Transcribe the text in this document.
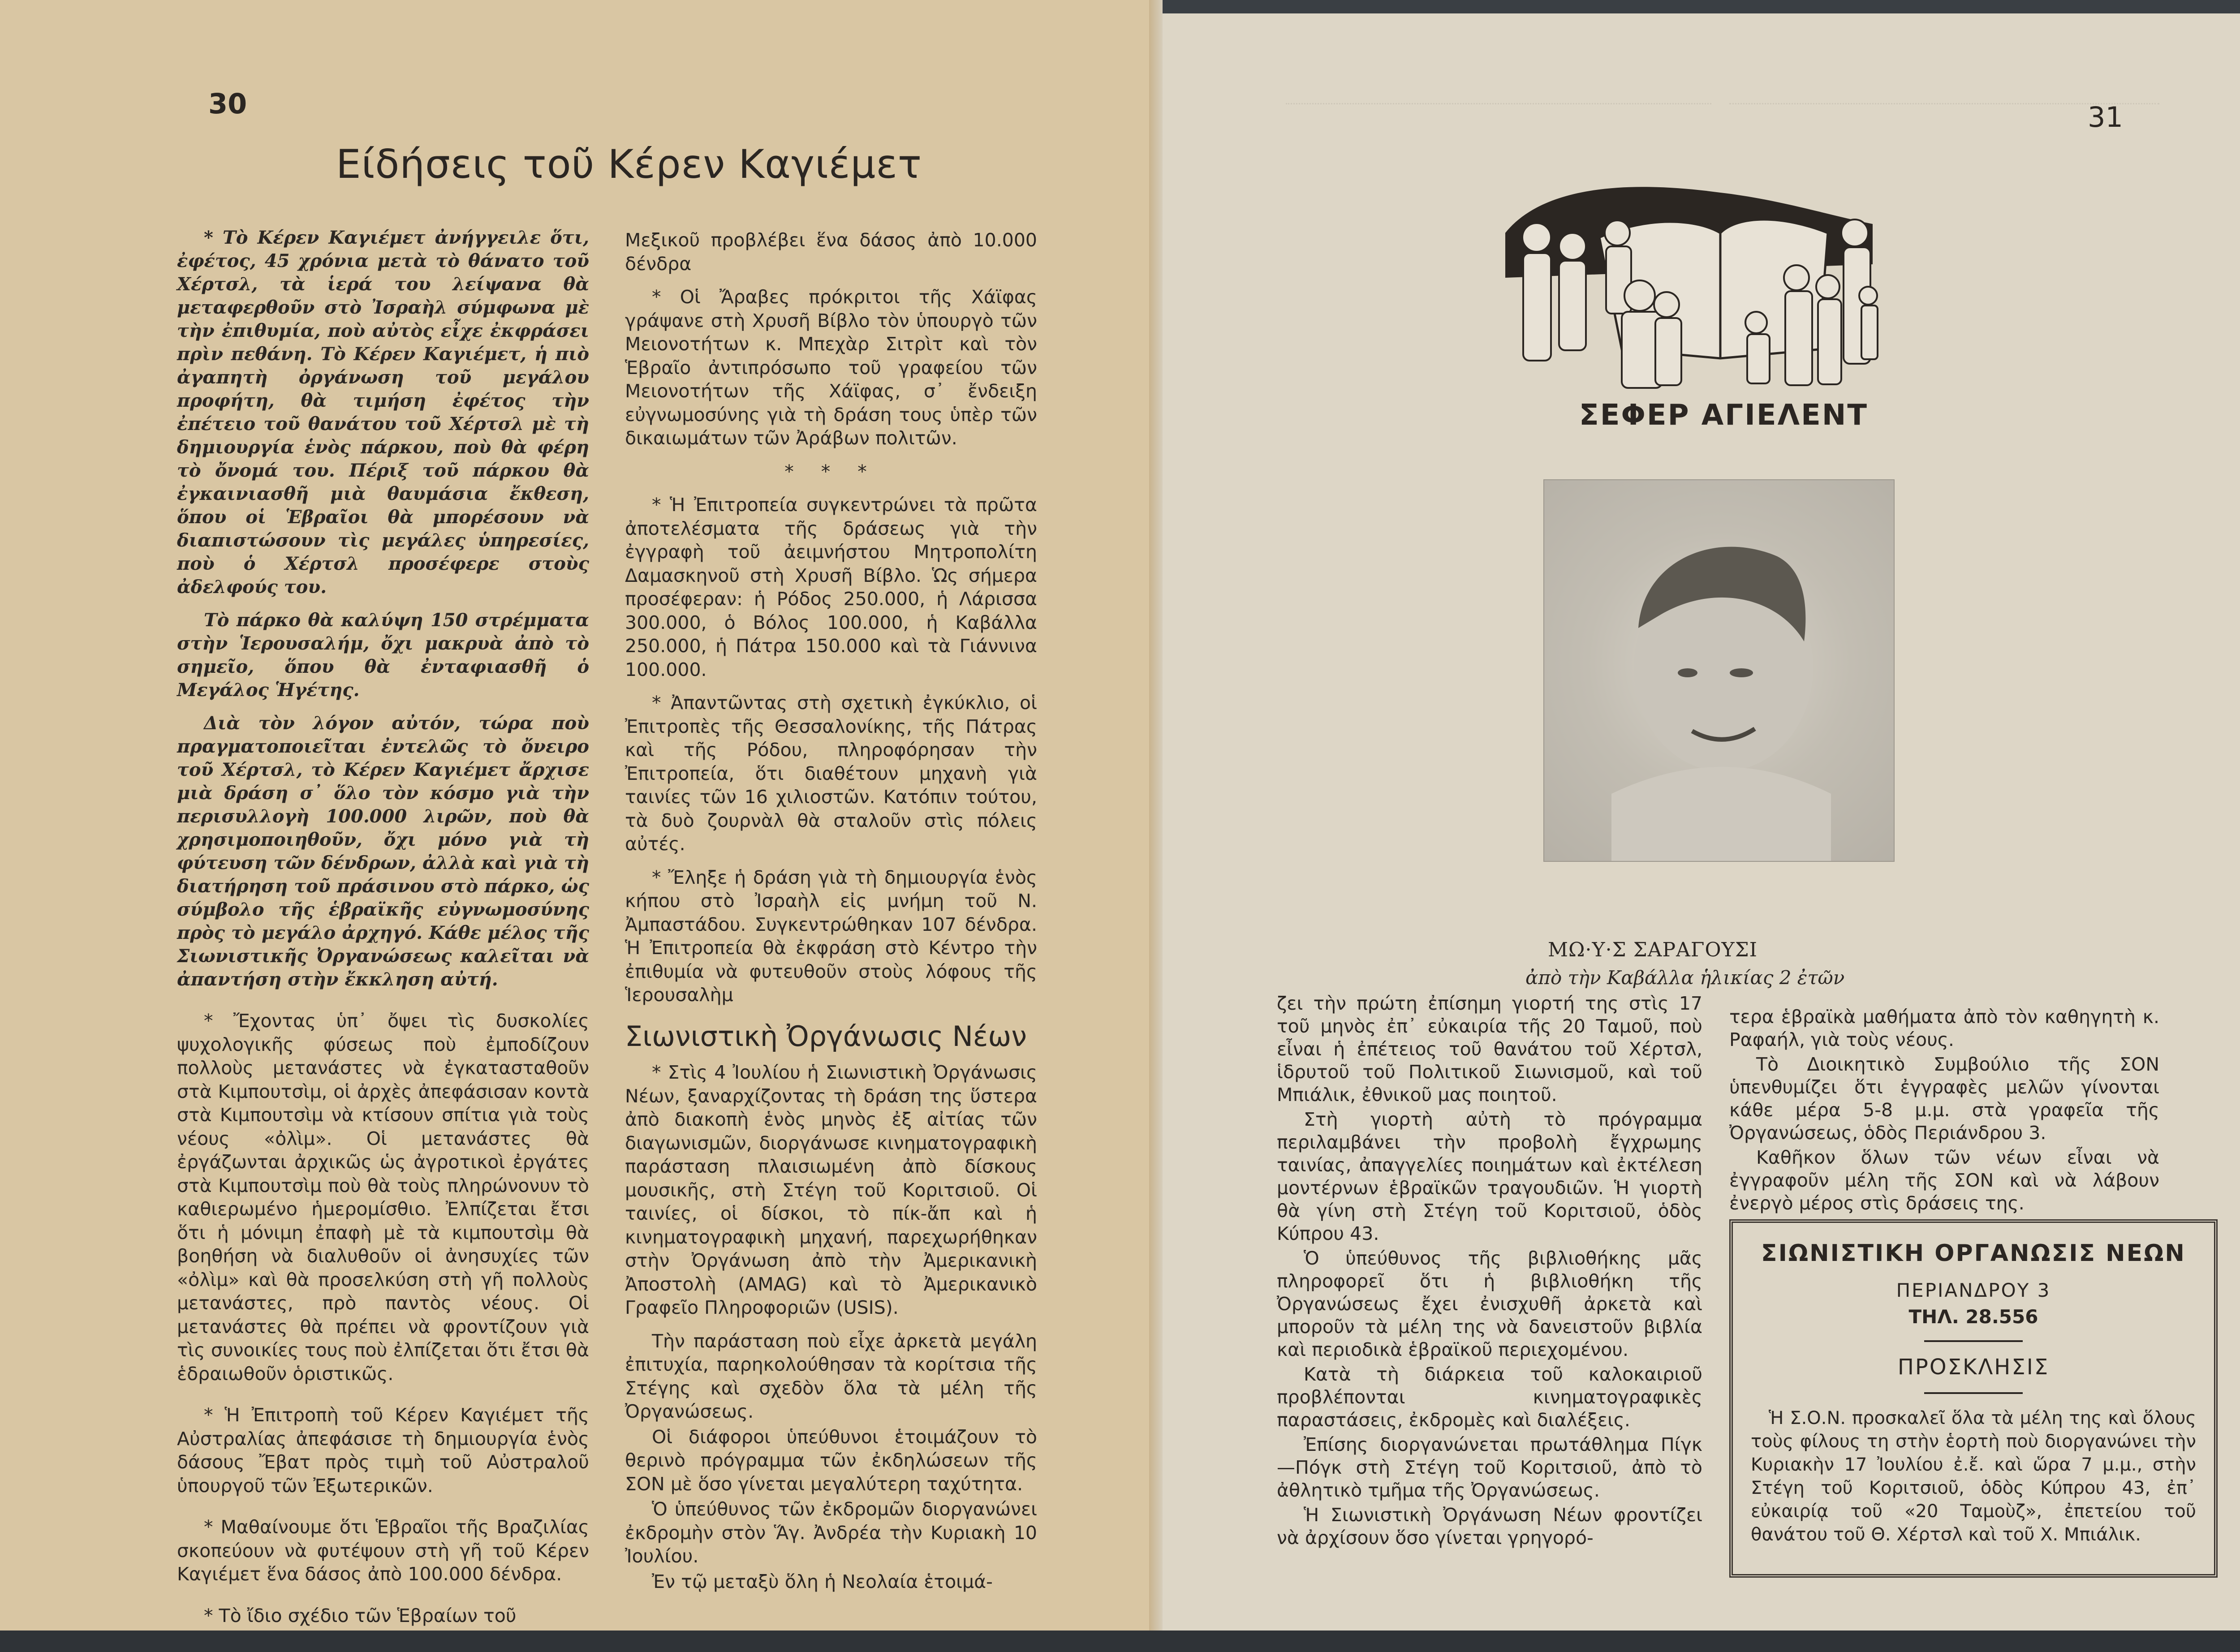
30
Είδήσεις τοῦ Κέρεν Καγιέμετ

* Τὸ Κέρεν Καγιέμετ ἀνήγγειλε ὅτι, ἐφέτος, 45 χρόνια μετὰ τὸ θάνατο τοῦ Χέρτσλ, τὰ ἱερά του λείψανα θὰ μεταφερθοῦν στὸ Ἰσραὴλ σύμφωνα μὲ τὴν ἐπιθυμία, ποὺ αὐτὸς εἶχε ἐκφράσει πρὶν πεθάνη. Τὸ Κέρεν Καγιέμετ, ἡ πιὸ ἀγαπητὴ ὀργάνωση τοῦ μεγάλου προφήτη, θὰ τιμήση ἐφέτος τὴν ἐπέτειο τοῦ θανάτου τοῦ Χέρτσλ μὲ τὴ δημιουργία ἑνὸς πάρκου, ποὺ θὰ φέρη τὸ ὄνομά του. Πέριξ τοῦ πάρκου θὰ ἐγκαινιασθῆ μιὰ θαυμάσια ἔκθεση, ὅπου οἱ Ἑβραῖοι θὰ μπορέσουν νὰ διαπιστώσουν τὶς μεγάλες ὑπηρεσίες, ποὺ ὁ Χέρτσλ προσέφερε στοὺς ἀδελφούς του.

Τὸ πάρκο θὰ καλύψη 150 στρέμματα στὴν Ἱερουσαλήμ, ὄχι μακρυὰ ἀπὸ τὸ σημεῖο, ὅπου θὰ ἐνταφιασθῆ ὁ Μεγάλος Ἡγέτης.

Διὰ τὸν λόγον αὐτόν, τώρα ποὺ πραγματοποιεῖται ἐντελῶς τὸ ὄνειρο τοῦ Χέρτσλ, τὸ Κέρεν Καγιέμετ ἄρχισε μιὰ δράση σ᾽ ὅλο τὸν κόσμο γιὰ τὴν περισυλλογὴ 100.000 λιρῶν, ποὺ θὰ χρησιμοποιηθοῦν, ὄχι μόνο γιὰ τὴ φύτευση τῶν δένδρων, ἀλλὰ καὶ γιὰ τὴ διατήρηση τοῦ πράσινου στὸ πάρκο, ὡς σύμβολο τῆς ἑβραϊκῆς εὐγνωμοσύνης πρὸς τὸ μεγάλο ἀρχηγό. Κάθε μέλος τῆς Σιωνιστικῆς Ὀργανώσεως καλεῖται νὰ ἀπαντήση στὴν ἔκκληση αὐτή.

* Ἔχοντας ὑπ᾽ ὄψει τὶς δυσκολίες ψυχολογικῆς φύσεως ποὺ ἐμποδίζουν πολλοὺς μετανάστες νὰ ἐγκατασταθοῦν στὰ Κιμπουτσὶμ, οἱ ἀρχὲς ἀπεφάσισαν κοντὰ στὰ Κιμπουτσὶμ νὰ κτίσουν σπίτια γιὰ τοὺς νέους «ὀλὶμ». Οἱ μετανάστες θὰ ἐργάζωνται ἀρχικῶς ὡς ἀγροτικοὶ ἐργάτες στὰ Κιμπουτσὶμ ποὺ θὰ τοὺς πληρώνονυν τὸ καθιερωμένο ἡμερομίσθιο. Ἐλπίζεται ἔτσι ὅτι ἡ μόνιμη ἐπαφὴ μὲ τὰ κιμπουτσὶμ θὰ βοηθήση νὰ διαλυθοῦν οἱ ἀνησυχίες τῶν «ὀλὶμ» καὶ θὰ προσελκύση στὴ γῆ πολλοὺς μετανάστες, πρὸ παντὸς νέους. Οἱ μετανάστες θὰ πρέπει νὰ φροντίζουν γιὰ τὶς συνοικίες τους ποὺ ἐλπίζεται ὅτι ἔτσι θὰ ἑδραιωθοῦν ὁριστικῶς.

* Ἡ Ἐπιτροπὴ τοῦ Κέρεν Καγιέμετ τῆς Αὐστραλίας ἀπεφάσισε τὴ δημιουργία ἑνὸς δάσους Ἔβατ πρὸς τιμὴ τοῦ Αὐστραλοῦ ὑπουργοῦ τῶν Ἐξωτερικῶν.

* Μαθαίνουμε ὅτι Ἑβραῖοι τῆς Βραζιλίας σκοπεύουν νὰ φυτέψουν στὴ γῆ τοῦ Κέρεν Καγιέμετ ἕνα δάσος ἀπὸ 100.000 δένδρα.

* Τὸ ἴδιο σχέδιο τῶν Ἑβραίων τοῦ

Μεξικοῦ προβλέβει ἕνα δάσος ἀπὸ 10.000 δένδρα

* Οἱ Ἄραβες πρόκριτοι τῆς Χάϊφας γράψανε στὴ Χρυσῆ Βίβλο τὸν ὑπουργὸ τῶν Μειονοτήτων κ. Μπεχὰρ Σιτρὶτ καὶ τὸν Ἑβραῖο ἀντιπρόσωπο τοῦ γραφείου τῶν Μειονοτήτων τῆς Χάϊφας, σ᾽ ἔνδειξη εὐγνωμοσύνης γιὰ τὴ δράση τους ὑπὲρ τῶν δικαιωμάτων τῶν Ἀράβων πολιτῶν.

* * *

* Ἡ Ἐπιτροπεία συγκεντρώνει τὰ πρῶτα ἀποτελέσματα τῆς δράσεως γιὰ τὴν ἐγγραφὴ τοῦ ἀειμνήστου Μητροπολίτη Δαμασκηνοῦ στὴ Χρυσῆ Βίβλο. Ὡς σήμερα προσέφεραν: ἡ Ρόδος 250.000, ἡ Λάρισσα 300.000, ὁ Βόλος 100.000, ἡ Καβάλλα 250.000, ἡ Πάτρα 150.000 καὶ τὰ Γιάννινα 100.000.

* Ἀπαντῶντας στὴ σχετικὴ ἐγκύκλιο, οἱ Ἐπιτροπὲς τῆς Θεσσαλονίκης, τῆς Πάτρας καὶ τῆς Ρόδου, πληροφόρησαν τὴν Ἐπιτροπεία, ὅτι διαθέτουν μηχανὴ γιὰ ταινίες τῶν 16 χιλιοστῶν. Κατόπιν τούτου, τὰ δυὸ ζουρνὰλ θὰ σταλοῦν στὶς πόλεις αὐτές.

* Ἔληξε ἡ δράση γιὰ τὴ δημιουργία ἑνὸς κήπου στὸ Ἰσραὴλ εἰς μνήμη τοῦ Ν. Ἀμπαστάδου. Συγκεντρώθηκαν 107 δένδρα. Ἡ Ἐπιτροπεία θὰ ἐκφράση στὸ Κέντρο τὴν ἐπιθυμία νὰ φυτευθοῦν στοὺς λόφους τῆς Ἱερουσαλὴμ

Σιωνιστικὴ Ὀργάνωσις Νέων

* Στὶς 4 Ἰουλίου ἡ Σιωνιστικὴ Ὀργάνωσις Νέων, ξαναρχίζοντας τὴ δράση της ὕστερα ἀπὸ διακοπὴ ἑνὸς μηνὸς ἐξ αἰτίας τῶν διαγωνισμῶν, διοργάνωσε κινηματογραφικὴ παράσταση πλαισιωμένη ἀπὸ δίσκους μουσικῆς, στὴ Στέγη τοῦ Κοριτσιοῦ. Οἱ ταινίες, οἱ δίσκοι, τὸ πίκ-ἄπ καὶ ἡ κινηματογραφικὴ μηχανή, παρεχωρήθηκαν στὴν Ὀργάνωση ἀπὸ τὴν Ἀμερικανικὴ Ἀποστολὴ (AMAG) καὶ τὸ Ἀμερικανικὸ Γραφεῖο Πληροφοριῶν (USIS).

Τὴν παράσταση ποὺ εἶχε ἀρκετὰ μεγάλη ἐπιτυχία, παρηκολούθησαν τὰ κορίτσια τῆς Στέγης καὶ σχεδὸν ὅλα τὰ μέλη τῆς Ὀργανώσεως.

Οἱ διάφοροι ὑπεύθυνοι ἑτοιμάζουν τὸ θερινὸ πρόγραμμα τῶν ἐκδηλώσεων τῆς ΣΟΝ μὲ ὅσο γίνεται μεγαλύτερη ταχύτητα.

Ὁ ὑπεύθυνος τῶν ἐκδρομῶν διοργανώνει ἐκδρομὴν στὸν Ἅγ. Ἀνδρέα τὴν Κυριακὴ 10 Ἰουλίου.

Ἐν τῷ μεταξὺ ὅλη ἡ Νεολαία ἑτοιμά-

31
ΣΕΦΕΡ ΑΓΙΕΛΕΝΤ
ΜΩ·Υ·Σ ΣΑΡΑΓΟΥΣΙ
ἀπὸ τὴν Καβάλλα ἡλικίας 2 ἐτῶν

ζει τὴν πρώτη ἐπίσημη γιορτή της στὶς 17 τοῦ μηνὸς ἐπ᾽ εὐκαιρία τῆς 20 Ταμοῦ, ποὺ εἶναι ἡ ἐπέτειος τοῦ θανάτου τοῦ Χέρτσλ, ἱδρυτοῦ τοῦ Πολιτικοῦ Σιωνισμοῦ, καὶ τοῦ Μπιάλικ, ἐθνικοῦ μας ποιητοῦ.

Στὴ γιορτὴ αὐτὴ τὸ πρόγραμμα περιλαμβάνει τὴν προβολὴ ἔγχρωμης ταινίας, ἀπαγγελίες ποιημάτων καὶ ἐκτέλεση μοντέρνων ἑβραϊκῶν τραγουδιῶν. Ἡ γιορτὴ θὰ γίνη στὴ Στέγη τοῦ Κοριτσιοῦ, ὁδὸς Κύπρου 43.

Ὁ ὑπεύθυνος τῆς βιβλιοθήκης μᾶς πληροφορεῖ ὅτι ἡ βιβλιοθήκη τῆς Ὀργανώσεως ἔχει ἐνισχυθῆ ἀρκετὰ καὶ μποροῦν τὰ μέλη της νὰ δανειστοῦν βιβλία καὶ περιοδικὰ ἑβραϊκοῦ περιεχομένου.

Κατὰ τὴ διάρκεια τοῦ καλοκαιριοῦ προβλέπονται κινηματογραφικὲς παραστάσεις, ἐκδρομὲς καὶ διαλέξεις.

Ἐπίσης διοργανώνεται πρωτάθλημα Πίγκ—Πόγκ στὴ Στέγη τοῦ Κοριτσιοῦ, ἀπὸ τὸ ἀθλητικὸ τμῆμα τῆς Ὀργανώσεως.

Ἡ Σιωνιστικὴ Ὀργάνωση Νέων φροντίζει νὰ ἀρχίσουν ὅσο γίνεται γρηγορό-

τερα ἑβραϊκὰ μαθήματα ἀπὸ τὸν καθηγητὴ κ. Ραφαήλ, γιὰ τοὺς νέους.

Τὸ Διοικητικὸ Συμβούλιο τῆς ΣΟΝ ὑπενθυμίζει ὅτι ἐγγραφὲς μελῶν γίνονται κάθε μέρα 5-8 μ.μ. στὰ γραφεῖα τῆς Ὀργανώσεως, ὁδὸς Περιάνδρου 3.

Καθῆκον ὅλων τῶν νέων εἶναι νὰ ἐγγραφοῦν μέλη τῆς ΣΟΝ καὶ νὰ λάβουν ἐνεργὸ μέρος στὶς δράσεις της.

ΣΙΩΝΙΣΤΙΚΗ ΟΡΓΑΝΩΣΙΣ ΝΕΩΝ
ΠΕΡΙΑΝΔΡΟΥ 3
ΤΗΛ. 28.556
ΠΡΟΣΚΛΗΣΙΣ
Ἡ Σ.Ο.Ν. προσκαλεῖ ὅλα τὰ μέλη της καὶ ὅλους τοὺς φίλους τη στὴν ἑορτὴ ποὺ διοργανώνει τὴν Κυριακὴν 17 Ἰουλίου ἐ.ἔ. καὶ ὥρα 7 μ.μ., στὴν Στέγη τοῦ Κοριτσιοῦ, ὁδὸς Κύπρου 43, ἐπ᾽ εὐκαιρίᾳ τοῦ «20 Ταμοὺζ», ἐπετείου τοῦ θανάτου τοῦ Θ. Χέρτσλ καὶ τοῦ Χ. Μπιάλικ.
